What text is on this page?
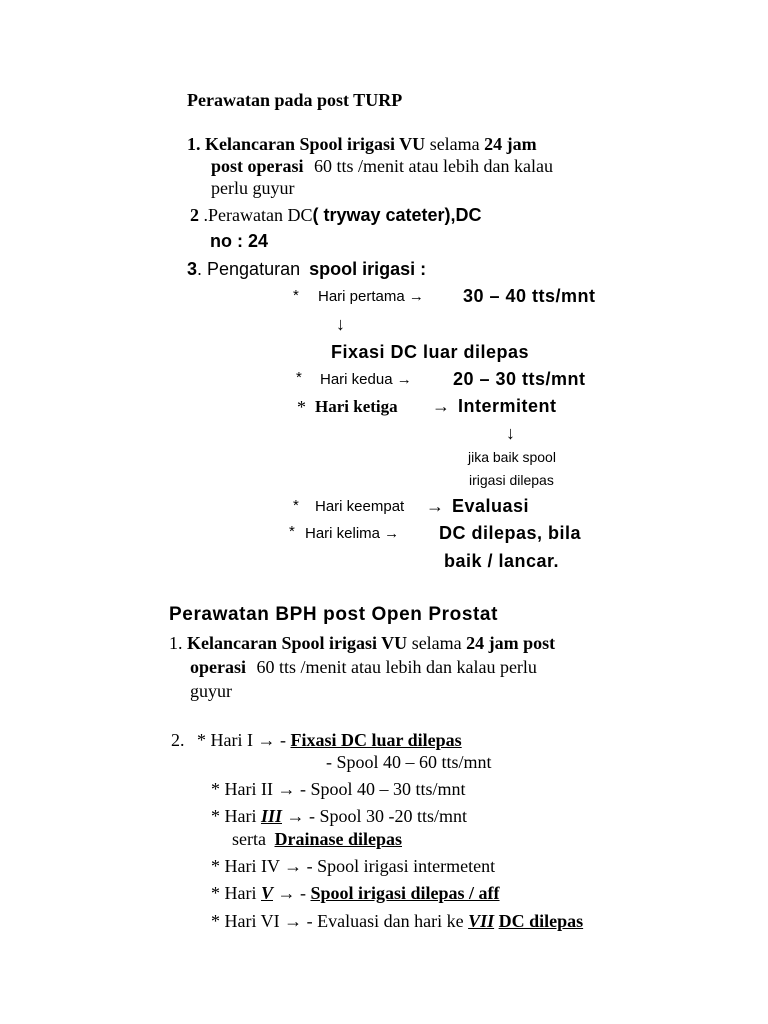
Perawatan pada post TURP
1. Kelancaran Spool irigasi VU selama 24 jam
post operasi 60 tts /menit atau lebih dan kalau
perlu guyur
2 .Perawatan DC( tryway cateter),DC
no : 24
3. Pengaturan spool irigasi :
* Hari pertama → 30 – 40 tts/mnt
↓
Fixasi DC luar dilepas
* Hari kedua → 20 – 30 tts/mnt
* Hari ketiga → Intermitent
↓
jika baik spool
irigasi dilepas
* Hari keempat → Evaluasi
* Hari kelima → DC dilepas, bila
baik / lancar.
Perawatan BPH post Open Prostat
1. Kelancaran Spool irigasi VU selama 24 jam post
operasi 60 tts /menit atau lebih dan kalau perlu
guyur
2. * Hari I → - Fixasi DC luar dilepas
- Spool 40 – 60 tts/mnt
* Hari II → - Spool 40 – 30 tts/mnt
* Hari III → - Spool 30 -20 tts/mnt
serta Drainase dilepas
* Hari IV → - Spool irigasi intermetent
* Hari V → - Spool irigasi dilepas / aff
* Hari VI → - Evaluasi dan hari ke VII DC dilepas
